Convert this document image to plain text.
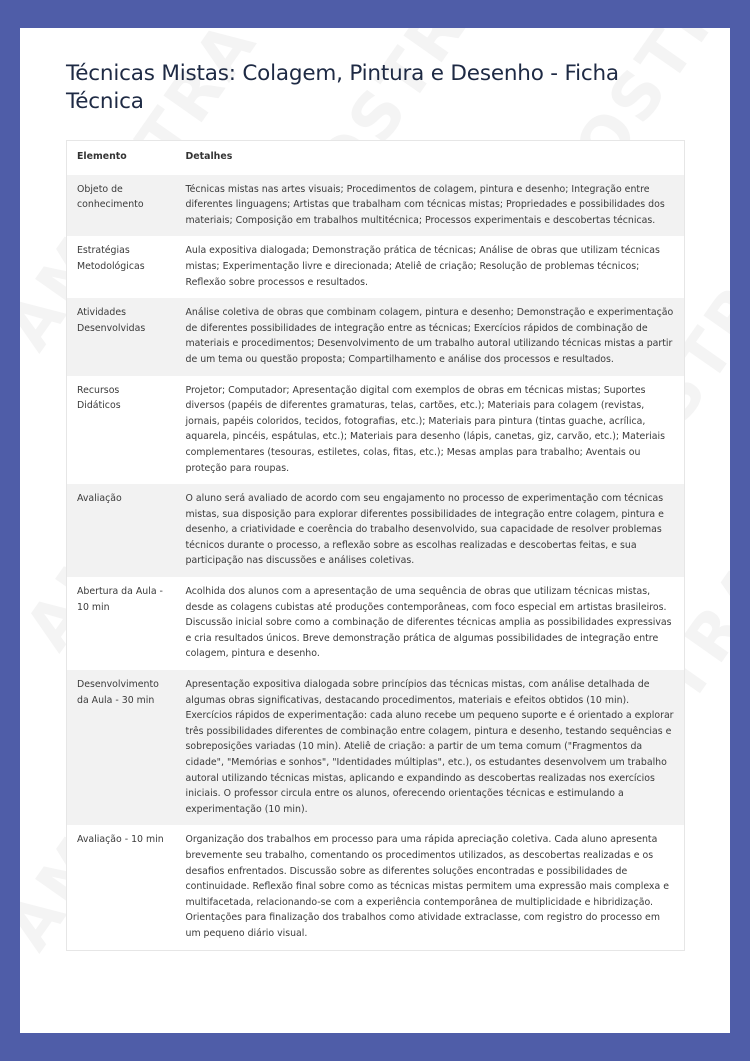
Técnicas Mistas: Colagem, Pintura e Desenho - Ficha Técnica
Elemento	Detalhes
Objeto de conhecimento	Técnicas mistas nas artes visuais; Procedimentos de colagem, pintura e desenho; Integração entre diferentes linguagens; Artistas que trabalham com técnicas mistas; Propriedades e possibilidades dos materiais; Composição em trabalhos multitécnica; Processos experimentais e descobertas técnicas.
Estratégias Metodológicas	Aula expositiva dialogada; Demonstração prática de técnicas; Análise de obras que utilizam técnicas mistas; Experimentação livre e direcionada; Ateliê de criação; Resolução de problemas técnicos; Reflexão sobre processos e resultados.
Atividades Desenvolvidas	Análise coletiva de obras que combinam colagem, pintura e desenho; Demonstração e experimentação de diferentes possibilidades de integração entre as técnicas; Exercícios rápidos de combinação de materiais e procedimentos; Desenvolvimento de um trabalho autoral utilizando técnicas mistas a partir de um tema ou questão proposta; Compartilhamento e análise dos processos e resultados.
Recursos Didáticos	Projetor; Computador; Apresentação digital com exemplos de obras em técnicas mistas; Suportes diversos (papéis de diferentes gramaturas, telas, cartões, etc.); Materiais para colagem (revistas, jornais, papéis coloridos, tecidos, fotografias, etc.); Materiais para pintura (tintas guache, acrílica, aquarela, pincéis, espátulas, etc.); Materiais para desenho (lápis, canetas, giz, carvão, etc.); Materiais complementares (tesouras, estiletes, colas, fitas, etc.); Mesas amplas para trabalho; Aventais ou proteção para roupas.
Avaliação	O aluno será avaliado de acordo com seu engajamento no processo de experimentação com técnicas mistas, sua disposição para explorar diferentes possibilidades de integração entre colagem, pintura e desenho, a criatividade e coerência do trabalho desenvolvido, sua capacidade de resolver problemas técnicos durante o processo, a reflexão sobre as escolhas realizadas e descobertas feitas, e sua participação nas discussões e análises coletivas.
Abertura da Aula - 10 min	Acolhida dos alunos com a apresentação de uma sequência de obras que utilizam técnicas mistas, desde as colagens cubistas até produções contemporâneas, com foco especial em artistas brasileiros. Discussão inicial sobre como a combinação de diferentes técnicas amplia as possibilidades expressivas e cria resultados únicos. Breve demonstração prática de algumas possibilidades de integração entre colagem, pintura e desenho.
Desenvolvimento da Aula - 30 min	Apresentação expositiva dialogada sobre princípios das técnicas mistas, com análise detalhada de algumas obras significativas, destacando procedimentos, materiais e efeitos obtidos (10 min). Exercícios rápidos de experimentação: cada aluno recebe um pequeno suporte e é orientado a explorar três possibilidades diferentes de combinação entre colagem, pintura e desenho, testando sequências e sobreposições variadas (10 min). Ateliê de criação: a partir de um tema comum ("Fragmentos da cidade", "Memórias e sonhos", "Identidades múltiplas", etc.), os estudantes desenvolvem um trabalho autoral utilizando técnicas mistas, aplicando e expandindo as descobertas realizadas nos exercícios iniciais. O professor circula entre os alunos, oferecendo orientações técnicas e estimulando a experimentação (10 min).
Avaliação - 10 min	Organização dos trabalhos em processo para uma rápida apreciação coletiva. Cada aluno apresenta brevemente seu trabalho, comentando os procedimentos utilizados, as descobertas realizadas e os desafios enfrentados. Discussão sobre as diferentes soluções encontradas e possibilidades de continuidade. Reflexão final sobre como as técnicas mistas permitem uma expressão mais complexa e multifacetada, relacionando-se com a experiência contemporânea de multiplicidade e hibridização. Orientações para finalização dos trabalhos como atividade extraclasse, com registro do processo em um pequeno diário visual.
